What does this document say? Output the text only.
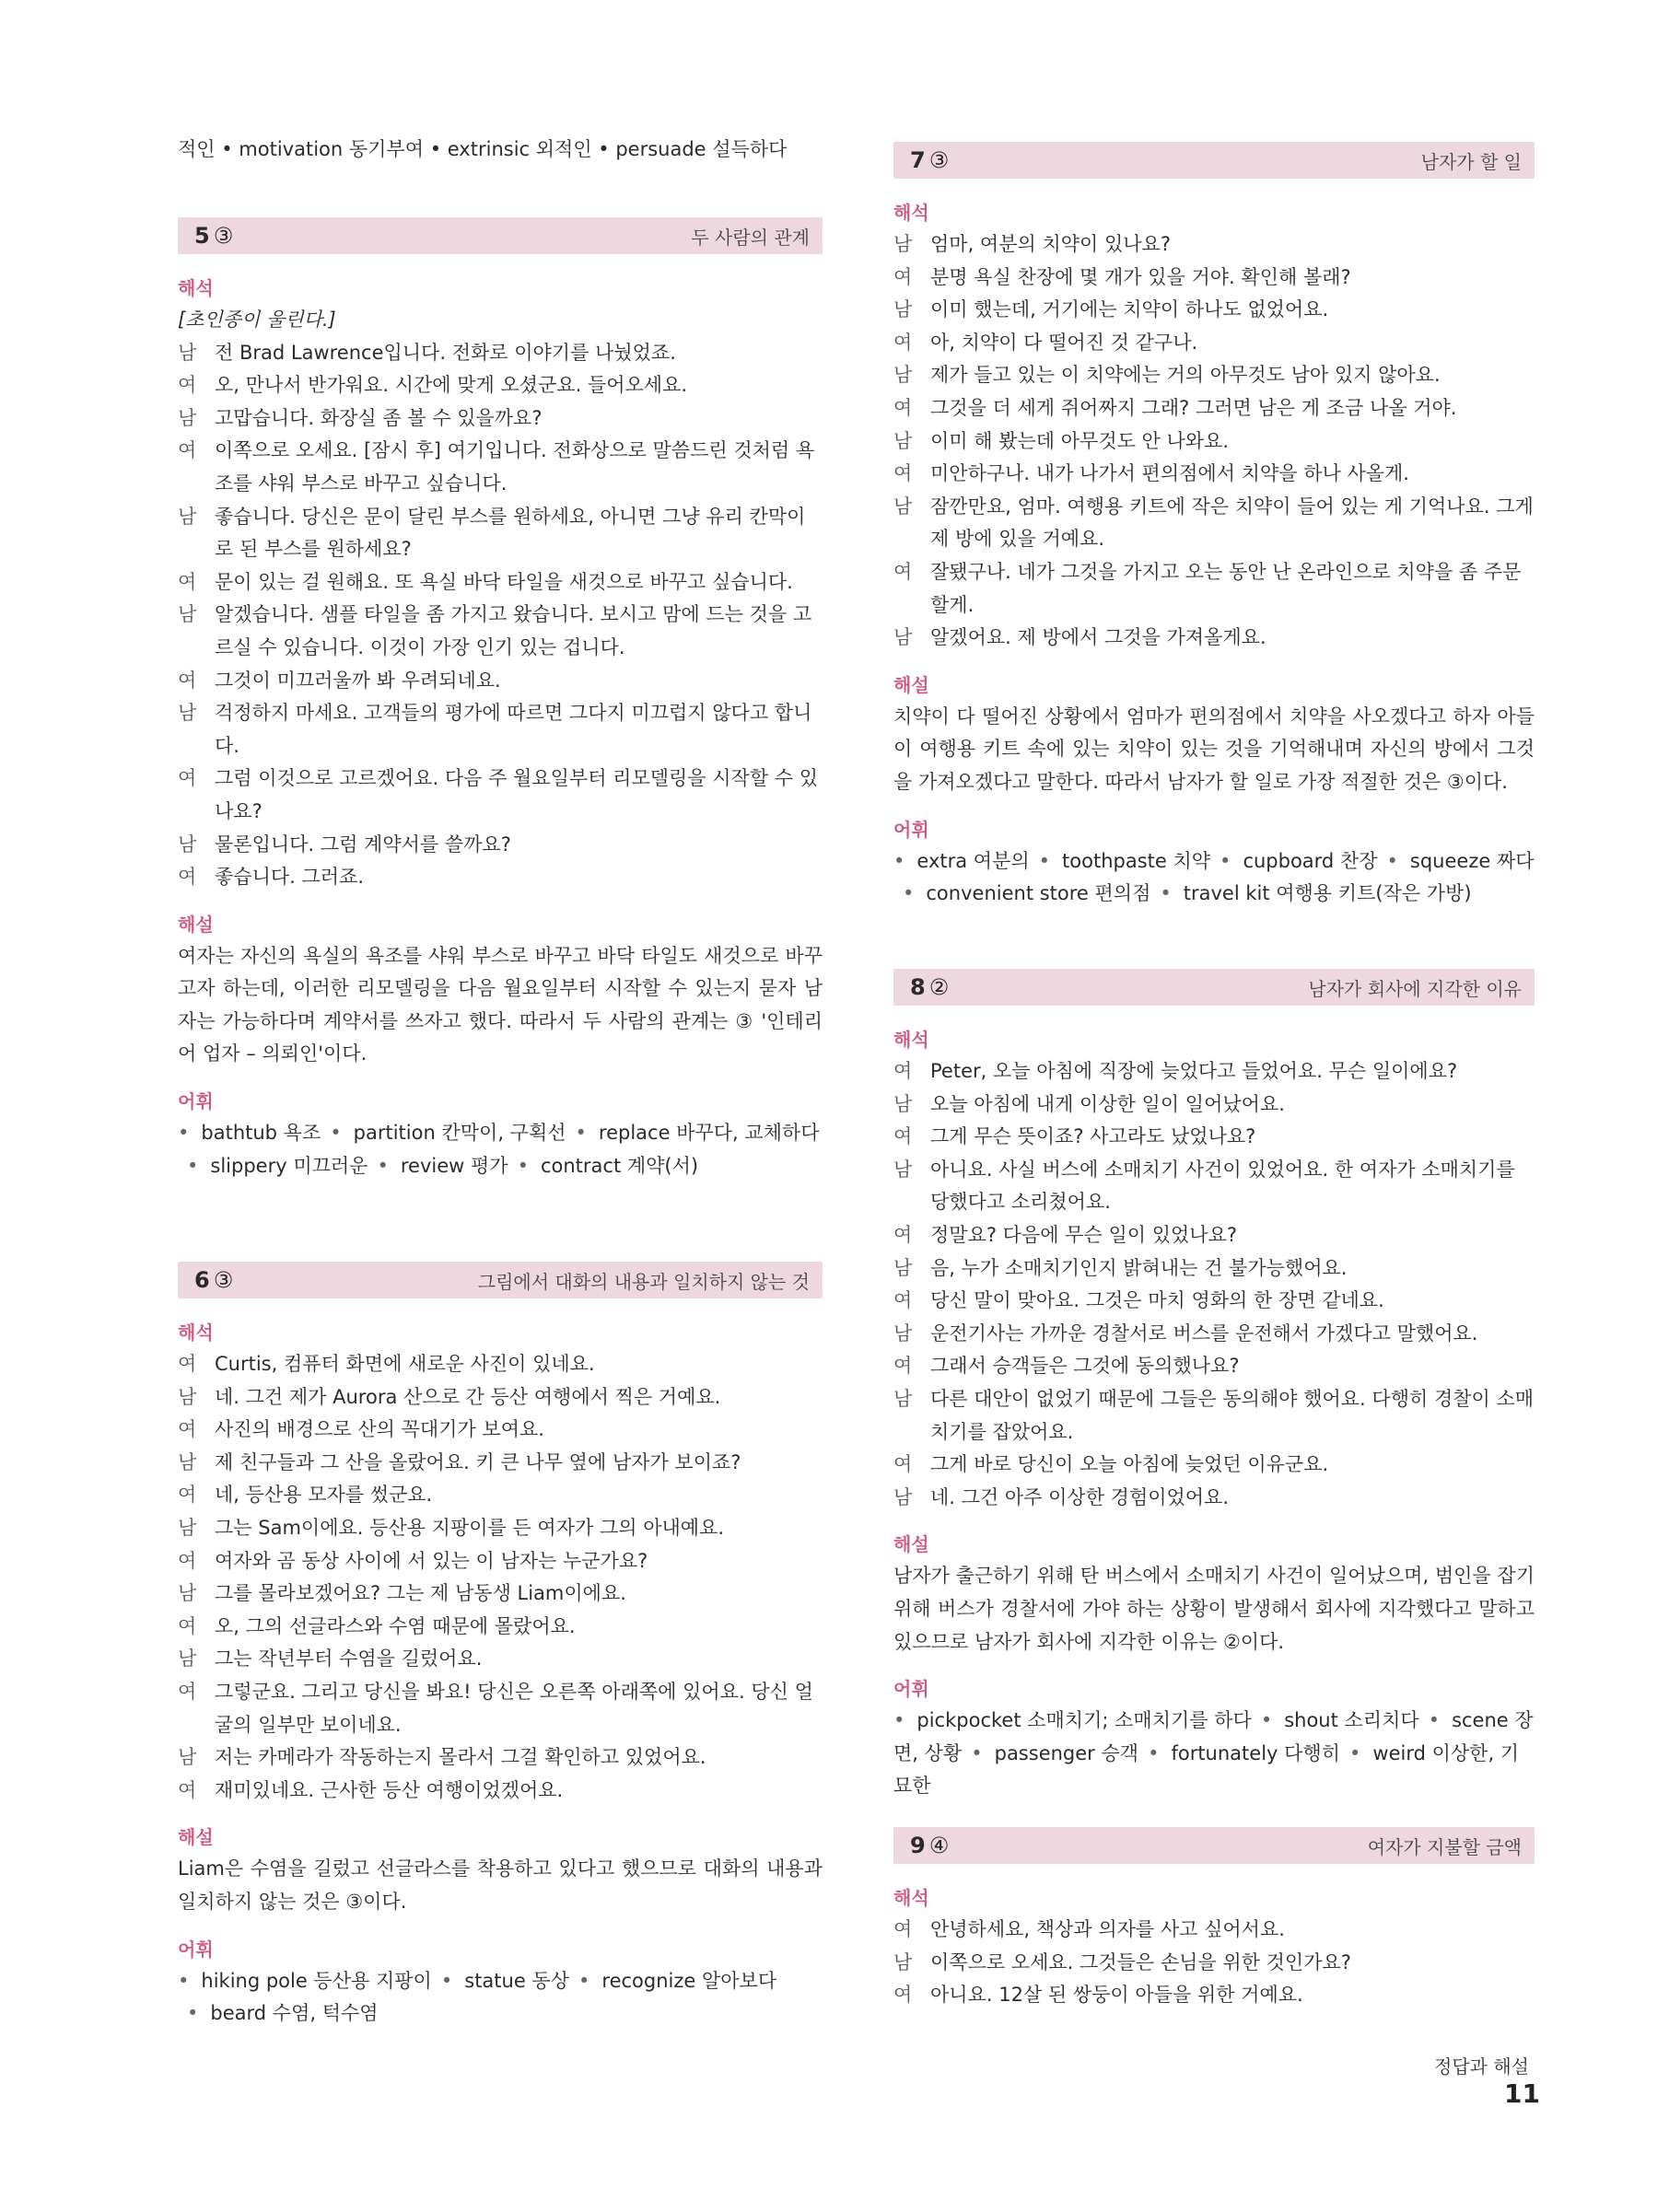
적인 • motivation 동기부여 • extrinsic 외적인 • persuade 설득하다
5 ③	두 사람의 관계
해석
[초인종이 울린다.]
남 전 Brad Lawrence입니다. 전화로 이야기를 나눴었죠.
여 오, 만나서 반가워요. 시간에 맞게 오셨군요. 들어오세요.
남 고맙습니다. 화장실 좀 볼 수 있을까요?
여 이쪽으로 오세요. [잠시 후] 여기입니다. 전화상으로 말씀드린 것처럼 욕조를 샤워 부스로 바꾸고 싶습니다.
남 좋습니다. 당신은 문이 달린 부스를 원하세요, 아니면 그냥 유리 칸막이로 된 부스를 원하세요?
여 문이 있는 걸 원해요. 또 욕실 바닥 타일을 새것으로 바꾸고 싶습니다.
남 알겠습니다. 샘플 타일을 좀 가지고 왔습니다. 보시고 맘에 드는 것을 고르실 수 있습니다. 이것이 가장 인기 있는 겁니다.
여 그것이 미끄러울까 봐 우려되네요.
남 걱정하지 마세요. 고객들의 평가에 따르면 그다지 미끄럽지 않다고 합니다.
여 그럼 이것으로 고르겠어요. 다음 주 월요일부터 리모델링을 시작할 수 있나요?
남 물론입니다. 그럼 계약서를 쓸까요?
여 좋습니다. 그러죠.
해설
여자는 자신의 욕실의 욕조를 샤워 부스로 바꾸고 바닥 타일도 새것으로 바꾸고자 하는데, 이러한 리모델링을 다음 월요일부터 시작할 수 있는지 묻자 남자는 가능하다며 계약서를 쓰자고 했다. 따라서 두 사람의 관계는 ③ '인테리어 업자 – 의뢰인'이다.
어휘
• bathtub 욕조 • partition 칸막이, 구획선 • replace 바꾸다, 교체하다• slippery 미끄러운 • review 평가 • contract 계약(서)
6 ③	그림에서 대화의 내용과 일치하지 않는 것
해석
여 Curtis, 컴퓨터 화면에 새로운 사진이 있네요.
남 네. 그건 제가 Aurora 산으로 간 등산 여행에서 찍은 거예요.
여 사진의 배경으로 산의 꼭대기가 보여요.
남 제 친구들과 그 산을 올랐어요. 키 큰 나무 옆에 남자가 보이죠?
여 네, 등산용 모자를 썼군요.
남 그는 Sam이에요. 등산용 지팡이를 든 여자가 그의 아내예요.
여 여자와 곰 동상 사이에 서 있는 이 남자는 누군가요?
남 그를 몰라보겠어요? 그는 제 남동생 Liam이에요.
여 오, 그의 선글라스와 수염 때문에 몰랐어요.
남 그는 작년부터 수염을 길렀어요.
여 그렇군요. 그리고 당신을 봐요! 당신은 오른쪽 아래쪽에 있어요. 당신 얼굴의 일부만 보이네요.
남 저는 카메라가 작동하는지 몰라서 그걸 확인하고 있었어요.
여 재미있네요. 근사한 등산 여행이었겠어요.
해설
Liam은 수염을 길렀고 선글라스를 착용하고 있다고 했으므로 대화의 내용과 일치하지 않는 것은 ③이다.
어휘
• hiking pole 등산용 지팡이 • statue 동상 • recognize 알아보다• beard 수염, 턱수염
7 ③	남자가 할 일
해석
남 엄마, 여분의 치약이 있나요?
여 분명 욕실 찬장에 몇 개가 있을 거야. 확인해 볼래?
남 이미 했는데, 거기에는 치약이 하나도 없었어요.
여 아, 치약이 다 떨어진 것 같구나.
남 제가 들고 있는 이 치약에는 거의 아무것도 남아 있지 않아요.
여 그것을 더 세게 쥐어짜지 그래? 그러면 남은 게 조금 나올 거야.
남 이미 해 봤는데 아무것도 안 나와요.
여 미안하구나. 내가 나가서 편의점에서 치약을 하나 사올게.
남 잠깐만요, 엄마. 여행용 키트에 작은 치약이 들어 있는 게 기억나요. 그게 제 방에 있을 거예요.
여 잘됐구나. 네가 그것을 가지고 오는 동안 난 온라인으로 치약을 좀 주문할게.
남 알겠어요. 제 방에서 그것을 가져올게요.
해설
치약이 다 떨어진 상황에서 엄마가 편의점에서 치약을 사오겠다고 하자 아들이 여행용 키트 속에 있는 치약이 있는 것을 기억해내며 자신의 방에서 그것을 가져오겠다고 말한다. 따라서 남자가 할 일로 가장 적절한 것은 ③이다.
어휘
• extra 여분의 • toothpaste 치약 • cupboard 찬장 • squeeze 짜다• convenient store 편의점 • travel kit 여행용 키트(작은 가방)
8 ②	남자가 회사에 지각한 이유
해석
여 Peter, 오늘 아침에 직장에 늦었다고 들었어요. 무슨 일이에요?
남 오늘 아침에 내게 이상한 일이 일어났어요.
여 그게 무슨 뜻이죠? 사고라도 났었나요?
남 아니요. 사실 버스에 소매치기 사건이 있었어요. 한 여자가 소매치기를 당했다고 소리쳤어요.
여 정말요? 다음에 무슨 일이 있었나요?
남 음, 누가 소매치기인지 밝혀내는 건 불가능했어요.
여 당신 말이 맞아요. 그것은 마치 영화의 한 장면 같네요.
남 운전기사는 가까운 경찰서로 버스를 운전해서 가겠다고 말했어요.
여 그래서 승객들은 그것에 동의했나요?
남 다른 대안이 없었기 때문에 그들은 동의해야 했어요. 다행히 경찰이 소매치기를 잡았어요.
여 그게 바로 당신이 오늘 아침에 늦었던 이유군요.
남 네. 그건 아주 이상한 경험이었어요.
해설
남자가 출근하기 위해 탄 버스에서 소매치기 사건이 일어났으며, 범인을 잡기 위해 버스가 경찰서에 가야 하는 상황이 발생해서 회사에 지각했다고 말하고 있으므로 남자가 회사에 지각한 이유는 ②이다.
어휘
• pickpocket 소매치기; 소매치기를 하다 • shout 소리치다 • scene 장면, 상황 • passenger 승객 • fortunately 다행히 • weird 이상한, 기묘한
9 ④	여자가 지불할 금액
해석
여 안녕하세요, 책상과 의자를 사고 싶어서요.
남 이쪽으로 오세요. 그것들은 손님을 위한 것인가요?
여 아니요. 12살 된 쌍둥이 아들을 위한 거예요.
정답과 해설11
